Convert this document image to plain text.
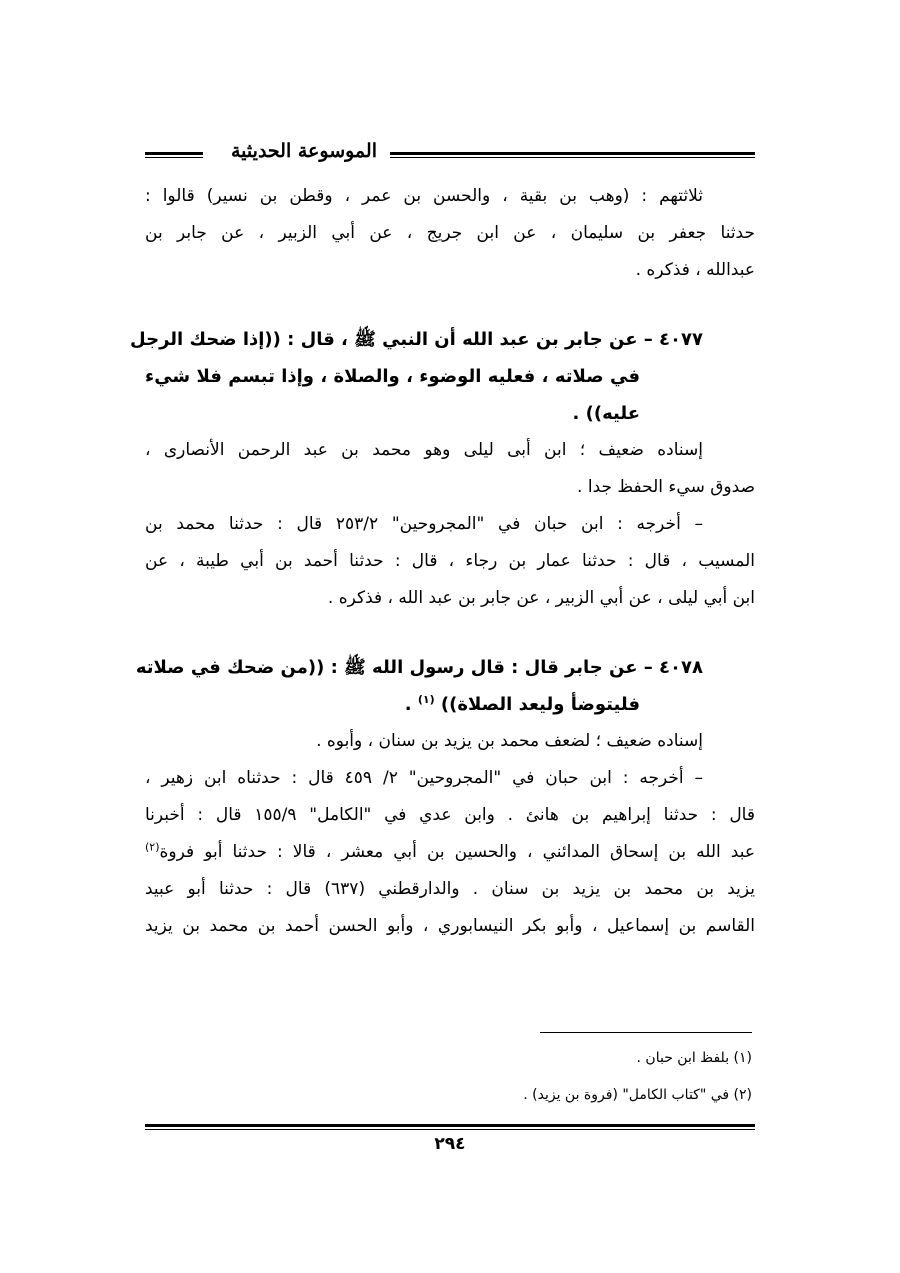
الموسوعة الحديثية
ثلاثتهم : (وهب بن بقية ، والحسن بن عمر ، وقطن بن نسير) قالوا :
حدثنا جعفر بن سليمان ، عن ابن جريج ، عن أبي الزبير ، عن جابر بن
عبدالله ، فذكره .
٤٠٧٧ – عن جابر بن عبد الله أن النبي ﷺ ، قال : ((إذا ضحك الرجل
في صلاته ، فعليه الوضوء ، والصلاة ، وإذا تبسم فلا شيء
عليه)) .
إسناده ضعيف ؛ ابن أبى ليلى وهو محمد بن عبد الرحمن الأنصارى ،
صدوق سيء الحفظ جدا .
– أخرجه : ابن حبان في "المجروحين" ٢٥٣/٢ قال : حدثنا محمد بن
المسيب ، قال : حدثنا عمار بن رجاء ، قال : حدثنا أحمد بن أبي طيبة ، عن
ابن أبي ليلى ، عن أبي الزبير ، عن جابر بن عبد الله ، فذكره .
٤٠٧٨ – عن جابر قال : قال رسول الله ﷺ : ((من ضحك في صلاته
فليتوضأ وليعد الصلاة)) $^{(١)}$ .
إسناده ضعيف ؛ لضعف محمد بن يزيد بن سنان ، وأبوه .
– أخرجه : ابن حبان في "المجروحين" ٢/ ٤٥٩ قال : حدثناه ابن زهير ،
قال : حدثنا إبراهيم بن هانئ . وابن عدي في "الكامل" ١٥٥/٩ قال : أخبرنا
عبد الله بن إسحاق المدائني ، والحسين بن أبي معشر ، قالا : حدثنا أبو فروة$^{(٢)}$
يزيد بن محمد بن يزيد بن سنان . والدارقطني (٦٣٧) قال : حدثنا أبو عبيد
القاسم بن إسماعيل ، وأبو بكر النيسابوري ، وأبو الحسن أحمد بن محمد بن يزيد
(١) بلفظ ابن حبان .
(٢) في "كتاب الكامل" (فروة بن يزيد) .
٢٩٤
